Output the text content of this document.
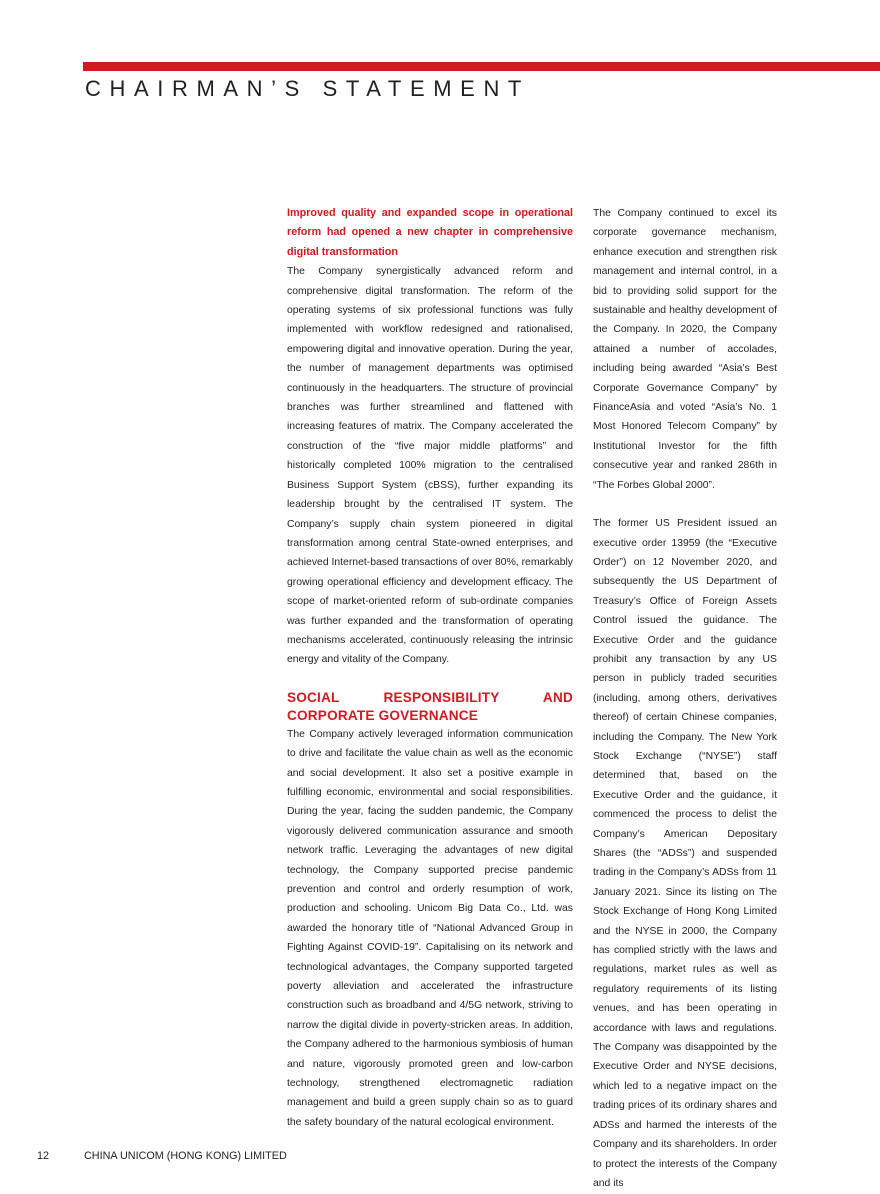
CHAIRMAN’S STATEMENT

Improved quality and expanded scope in operational reform had opened a new chapter in comprehensive digital transformation

The Company synergistically advanced reform and comprehensive digital transformation. The reform of the operating systems of six professional functions was fully implemented with workflow redesigned and rationalised, empowering digital and innovative operation. During the year, the number of management departments was optimised continuously in the headquarters. The structure of provincial branches was further streamlined and flattened with increasing features of matrix. The Company accelerated the construction of the “five major middle platforms” and historically completed 100% migration to the centralised Business Support System (cBSS), further expanding its leadership brought by the centralised IT system. The Company’s supply chain system pioneered in digital transformation among central State-owned enterprises, and achieved Internet-based transactions of over 80%, remarkably growing operational efficiency and development efficacy. The scope of market-oriented reform of sub-ordinate companies was further expanded and the transformation of operating mechanisms accelerated, continuously releasing the intrinsic energy and vitality of the Company.

SOCIAL RESPONSIBILITY AND CORPORATE GOVERNANCE

The Company actively leveraged information communication to drive and facilitate the value chain as well as the economic and social development. It also set a positive example in fulfilling economic, environmental and social responsibilities. During the year, facing the sudden pandemic, the Company vigorously delivered communication assurance and smooth network traffic. Leveraging the advantages of new digital technology, the Company supported precise pandemic prevention and control and orderly resumption of work, production and schooling. Unicom Big Data Co., Ltd. was awarded the honorary title of “National Advanced Group in Fighting Against COVID-19”. Capitalising on its network and technological advantages, the Company supported targeted poverty alleviation and accelerated the infrastructure construction such as broadband and 4/5G network, striving to narrow the digital divide in poverty-stricken areas. In addition, the Company adhered to the harmonious symbiosis of human and nature, vigorously promoted green and low-carbon technology, strengthened electromagnetic radiation management and build a green supply chain so as to guard the safety boundary of the natural ecological environment.

The Company continued to excel its corporate governance mechanism, enhance execution and strengthen risk management and internal control, in a bid to providing solid support for the sustainable and healthy development of the Company. In 2020, the Company attained a number of accolades, including being awarded “Asia’s Best Corporate Governance Company” by FinanceAsia and voted “Asia’s No. 1 Most Honored Telecom Company” by Institutional Investor for the fifth consecutive year and ranked 286th in “The Forbes Global 2000”.

The former US President issued an executive order 13959 (the “Executive Order”) on 12 November 2020, and subsequently the US Department of Treasury’s Office of Foreign Assets Control issued the guidance. The Executive Order and the guidance prohibit any transaction by any US person in publicly traded securities (including, among others, derivatives thereof) of certain Chinese companies, including the Company. The New York Stock Exchange (“NYSE”) staff determined that, based on the Executive Order and the guidance, it commenced the process to delist the Company’s American Depositary Shares (the “ADSs”) and suspended trading in the Company’s ADSs from 11 January 2021. Since its listing on The Stock Exchange of Hong Kong Limited and the NYSE in 2000, the Company has complied strictly with the laws and regulations, market rules as well as regulatory requirements of its listing venues, and has been operating in accordance with laws and regulations. The Company was disappointed by the Executive Order and NYSE decisions, which led to a negative impact on the trading prices of its ordinary shares and ADSs and harmed the interests of the Company and its shareholders. In order to protect the interests of the Company and its

12	CHINA UNICOM (HONG KONG) LIMITED
